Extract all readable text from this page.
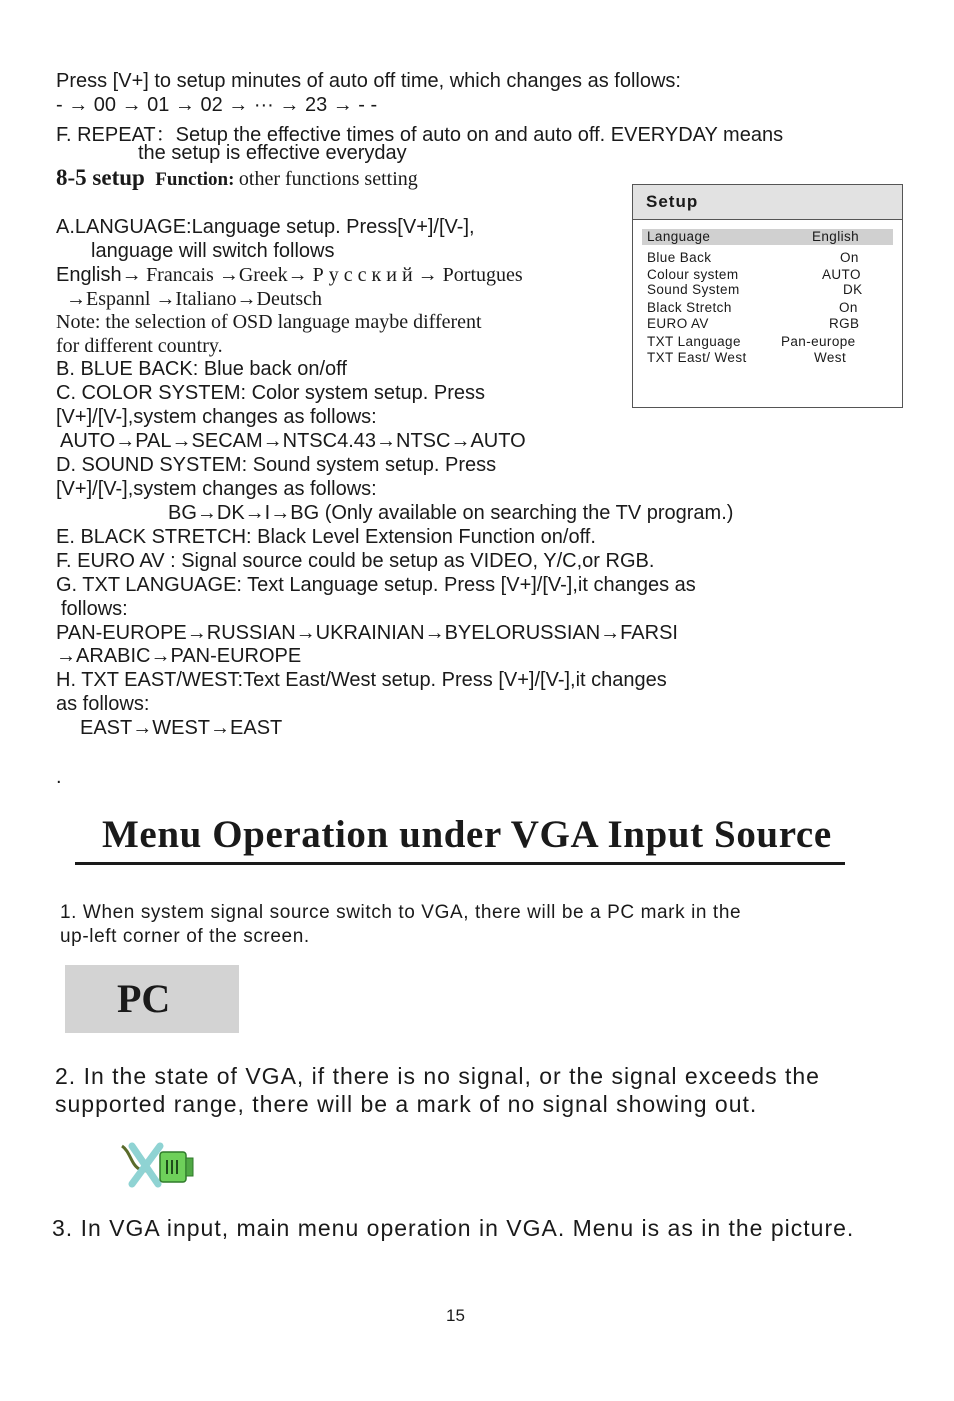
Press [V+] to setup minutes of auto off time, which changes as follows:
- → 00 → 01 → 02 → ··· → 23 → - -
F. REPEAT：Setup the effective times of auto on and auto off. EVERYDAY means
the setup is effective everyday
8-5 setup Function: other functions setting
A.LANGUAGE:Language setup. Press[V+]/[V-],
language will switch follows
English→ Francais →Greek→ Р у с с к и й → Portugues
→Espannl →Italiano→Deutsch
Note: the selection of OSD language maybe different
for different country.
B. BLUE BACK: Blue back on/off
C. COLOR SYSTEM: Color system setup. Press
[V+]/[V-],system changes as follows:
AUTO→PAL→SECAM→NTSC4.43→NTSC→AUTO
D. SOUND SYSTEM: Sound system setup. Press
[V+]/[V-],system changes as follows:
BG→DK→I→BG (Only available on searching the TV program.)
E. BLACK STRETCH: Black Level Extension Function on/off.
F. EURO AV : Signal source could be setup as VIDEO, Y/C,or RGB.
G. TXT LANGUAGE: Text Language setup. Press [V+]/[V-],it changes as
follows:
PAN-EUROPE→RUSSIAN→UKRAINIAN→BYELORUSSIAN→FARSI
→ARABIC→PAN-EUROPE
H. TXT EAST/WEST:Text East/West setup. Press [V+]/[V-],it changes
as follows:
EAST→WEST→EAST
.
Setup
Language	English
Blue Back	On
Colour system	AUTO
Sound System	DK
Black Stretch	On
EURO AV	RGB
TXT Language	Pan-europe
TXT East/ West	West
Menu Operation under VGA Input Source
1. When system signal source switch to VGA, there will be a PC mark in the
up-left corner of the screen.
PC
2. In the state of VGA, if there is no signal, or the signal exceeds the
supported range, there will be a mark of no signal showing out.
3. In VGA input, main menu operation in VGA. Menu is as in the picture.
15
